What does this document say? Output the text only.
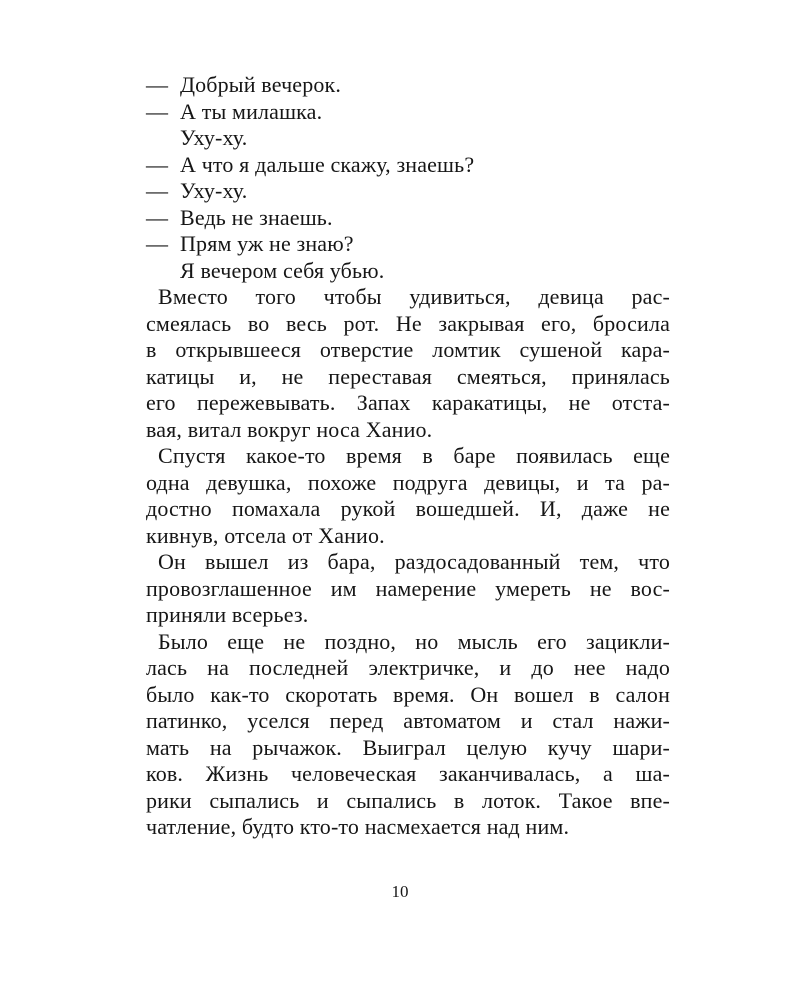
— Добрый вечерок.
— А ты милашка.
Уху-ху.
— А что я дальше скажу, знаешь?
— Уху-ху.
— Ведь не знаешь.
— Прям уж не знаю?
Я вечером себя убью.

Вместо того чтобы удивиться, девица рас-
смеялась во весь рот. Не закрывая его, бросила
в открывшееся отверстие ломтик сушеной кара-
катицы и, не переставая смеяться, принялась
его пережевывать. Запах каракатицы, не отста-
вая, витал вокруг носа Ханио.

Спустя какое-то время в баре появилась еще
одна девушка, похоже подруга девицы, и та ра-
достно помахала рукой вошедшей. И, даже не
кивнув, отсела от Ханио.

Он вышел из бара, раздосадованный тем, что
провозглашенное им намерение умереть не вос-
приняли всерьез.

Было еще не поздно, но мысль его зацикли-
лась на последней электричке, и до нее надо
было как-то скоротать время. Он вошел в салон
патинко, уселся перед автоматом и стал нажи-
мать на рычажок. Выиграл целую кучу шари-
ков. Жизнь человеческая заканчивалась, а ша-
рики сыпались и сыпались в лоток. Такое впе-
чатление, будто кто-то насмехается над ним.

10
